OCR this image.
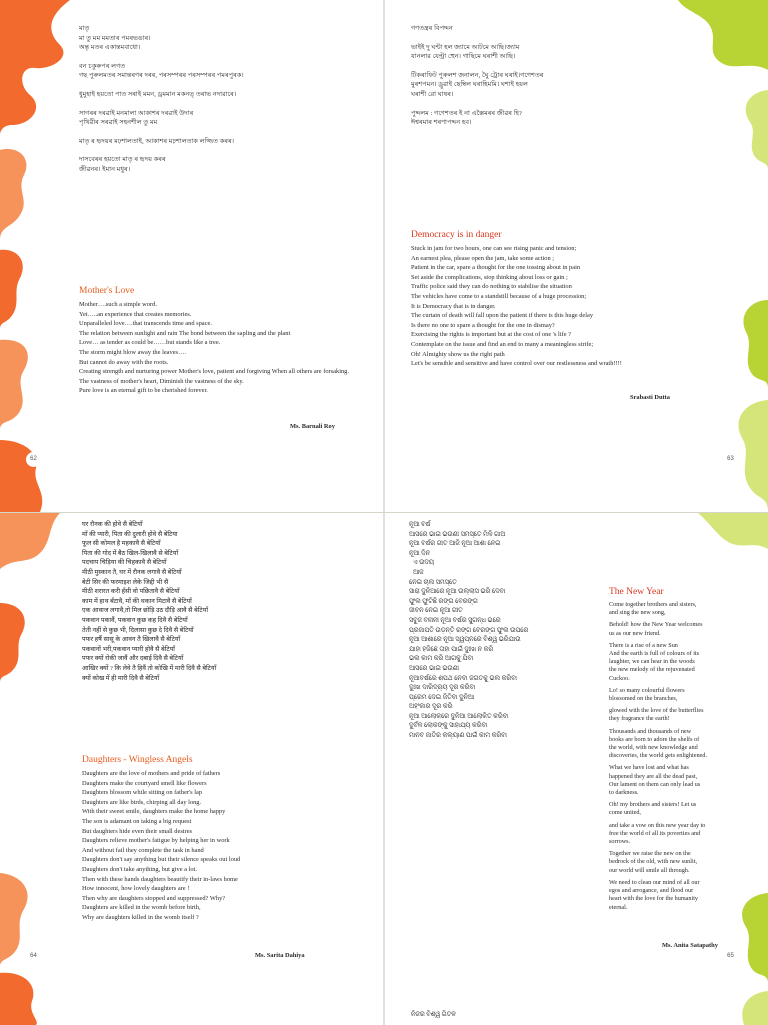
মাতৃ

মা তু মম মমতাৰ পমৰভঙাৰ।

অন্তৃ মতৰ একান্তমবাধো।

বন চকুৰুপৰ লগত

গছ পুৰুলমতৰ সমান্তৰণৰ দৰৰ, পৰসম্পৰৰ পৰসম্পৰৰ পমৰপুৰক।

ধুমুহাই হয়তো পাত সৰাই মমন, ড্রমমান মকনত্ তৰাভ নদারাৰে।

সাগৰৰ দৰৱাই মনমালা আকাশৰ দৰৱাই উদাৰ

পৃথিৱীৰ সৰৱাই সহনশীল তু মম

মাতৃ ৰ হৃদয়ৰ মঢ়শালতাই, আকাশৰ মঢ়শালতাক লজ্জিত কৰৰ।

দাসবেৰৰ হয়তো মাতৃ ৰ হৃদয় কৰৰ

জীৱনৰ। ইমান মধুৰ।

Mother's Love

Mother….such a simple word.

Yet…..an experience that creates memories.

Unparalleled love….that transcends time and space.

The relation between sunlight and rain The bond between the sapling and the plant

Love… as tender as could be……but stands like a tree.

The storm might blow away the leaves….

But cannot do away with the roots.

Creating strength and nurturing power Mother's love, patient and forgiving When all others are forsaking.

The vastness of mother's heart, Diminish the vastness of the sky.

Pure love is an eternal gift to be cherished forever.

Ms. Barnali Roy
62

গণতন্ত্ৰৰ বিপদ্দন

ভাইই দু ঘন্টা হল জ্যামে আটমে আছি।জ্যাম

যানলার যেন্ট্রা হুেন। গাছিমে ঘৰাশী আছি।

টিকৰাফিট পুৰুলশ জনালন, ঘুৈ ট্ৰোৰ ঘৰাই।গণেশতৰ

মুৰশপমন। ড্ৰুৱাই ছেম্বিল ঘৰাহিমমি। ঘশাই হয়ল

ঘৰাশী রো ঘাষৰ।

পুদ্দলম : গণেশতৰ ই না এক্সৈমৰৰ জীৱৰ হি?

ঈশ্বৰমাৰ শৰণাপদ্দন হব।

Democracy is in danger

Stuck in jam for two hours, one can see rising panic and tension;

An earnest plea, please open the jam, take some action ;

Patient in the car, spare a thought for the one tossing about in pain

Set aside the complications, stop thinking about loss or gain ;

Traffic police said they can do nothing to stabilise the situation

The vehicles have come to a standstill because of a huge procession;

It is Democracy that is in danger.

The curtain of death will fall upon the patient if there is this huge delay

Is there no one to spare a thought for the one in dismay?

Exercising the rights is important but at the cost of one 's life ?

Contemplate on the issue and find an end to many a meaningless strife;

Oh! Almighty show us the right path

Let's be sensible and sensitive and have control over our restlessness and wrath!!!!

Srabasti Dutta
63

घर रौनक की होवे सै बेटियाँ

माँ की प्यारी, पिता की दुलारी होवे सै बेटिया

फूल सी कोमल है महकावै सै बेटियाँ

पिता की गोद में बैठ खिल-खिलावै से बेटियाँ

पदचाप चिड़िया की चिहकावै सै बेटियाँ

मीठी मुस्कान तै, घर में रौनक लगावै सै बेटियाँ

बेटी सिर की फरमाइश लेके जिद्दी भी सै

मीठी शरारत करी हँसी वो पछितावै सै बेटियाँ

काम में हाथ बँटावै, माँ की थकान मिटावै सै बेटियाँ

एक आवाज लगावै,तो मिल छोड़ि उठ दौड़ि आवै सै बेटियाँ

पकवान पकावैं, पकवान कुछ कह दिवै सै बेटियाँ

तेती नहीं से कुछ भी, दिलासा कुछ दे दिवै सै बेटियाँ

पफर हर्षै सासू के आवन तै खिलावै सै बेटियाँ

पकवानों भरी,पकवान प्यारी होवै सै बेटियाँ

पफर क्यों रोकी जावैं और दबाई दिवै सै बेटियाँ

आखिर क्यों ? कि लेवे तै हिवैं तो कोखि में मारी दिवै सै बेटियाँ

क्यों कोख में ही मारी दिवै सै बेटियाँ

Daughters - Wingless Angels

Daughters are the love of mothers and pride of fathers

Daughters make the courtyard smell like flowers

Daughters blossom while sitting on father's lap

Daughters are like birds, chirping all day long.

With their sweet smile, daughters make the home happy

The son is adamant on taking a big request

But daughters hide even their small desires

Daughters relieve mother's fatigue by helping her in work

And without fail they complete the task in hand

Daughters don't say anything but their silence speaks out loud

Daughters don't take anything, but give a lot.

Then with these hands daughters beautify their in-laws home

How innocent, how lovely daughters are !

Then why are daughters stopped and suppressed? Why?

Daughters are killed in the womb before birth,

Why are daughters killed in the womb itself ?

Ms. Sarita Dahiya
64

ନୂଆ ବର୍ଷ

ଆସରେ ଭାଇ ଭଉଣୀ ସମସ୍ତେ ମିଳି ଗାଅ

ନୂଆ ବର୍ଷର ଗୀତ ଆଜି ନୂଆ ଆଶା ନେଇ

ନୂଆ ଦିନ

ଏ ଉଦୟ

ଆଜ

ନେଇ ଚାଲ ସମସ୍ତେ

ସାରା ଦୁନିଆରେ ନୂଆ ଉଲ୍ଲାସ ଭରି ଦେବା

ଫୁଲ ଫୁଟିଛି ରଙ୍ଗ ବେରଙ୍ଗ

ଜୀବନ ନେଇ ନୂଆ ଗୀତ

ସବୁଜ ବନାନୀ ନୂଆ ବର୍ଷର ସୁଗନ୍ଧ ଭରେ

ପ୍ରଜାପତି ଉଡ଼ନ୍ତି ରଙ୍ଗ ବେରଙ୍ଗ ଫୁଲ ଉପରେ

ନୂଆ ଆଶାରେ ନୂଆ ସ୍ୱପ୍ନରେ ବିଶ୍ୱ ଭରିଯାଉ

ଯାହା ହଜିଛେ ତାହା ପାଇଁ ଦୁଃଖ ନ କରି

ଭଲ କାମ କରି ଆଗକୁ ଯିବା

ଆସରେ ଭାଇ ଭଉଣୀ

ନୂଆବର୍ଷରେ ଶପଥ ନେବା ଜଗତକୁ ଭଲ କରିବା

ଦୁଃଖ ଦାରିଦ୍ର୍ୟ ଦୂର କରିବା

ପ୍ରେମ ଦେଇ ଜିତିବା ଦୁନିଆ

ଅହଂକାର ଦୂର କରି

ନୂଆ ଆଲୋକରେ ଦୁନିଆ ଆଲୋକିତ କରିବା

ଦୁର୍ବଳ ଲୋକଙ୍କୁ ସାହାଯ୍ୟ କରିବା

ମାନବ ଜାତିର କଲ୍ୟାଣ ପାଇଁ କାମ କରିବା

The New Year

Come together brothers and sisters,

and sing the new song,

Behold! how the New Year welcomes

us as our new friend.

There is a rise of a new Sun

And the earth is full of colours of its

laughter, we can hear in the woods

the new melody of the rejuvenated

Cuckoo.

Lo! so many colourful flowers

blossomed on the branches,

glowed with the love of the butterflies

they fragrance the earth!

Thousands and thousands of new

books are born to adore the shelfs of

the world, with new knowledge and

discoveries, the world gets enlightened.

What we have lost and what has

happened they are all the dead past,

Our lament on them can only lead us

to darkness.

Oh! my brothers and sisters! Let us

come united,

and take a vow on this new year day to

free the world of all its poverties and

sorrows.

Together we raise the new on the

bedrock of the old, with new sunlit,

our world will smile all through.

We need to clean our mind of all our

egos and arrogance, and flood our

heart with the love for the humanity

eternal.

Ms. Anita Satapathy
65
ନିଜର ବିଶ୍ୱ ଗିତଳ
